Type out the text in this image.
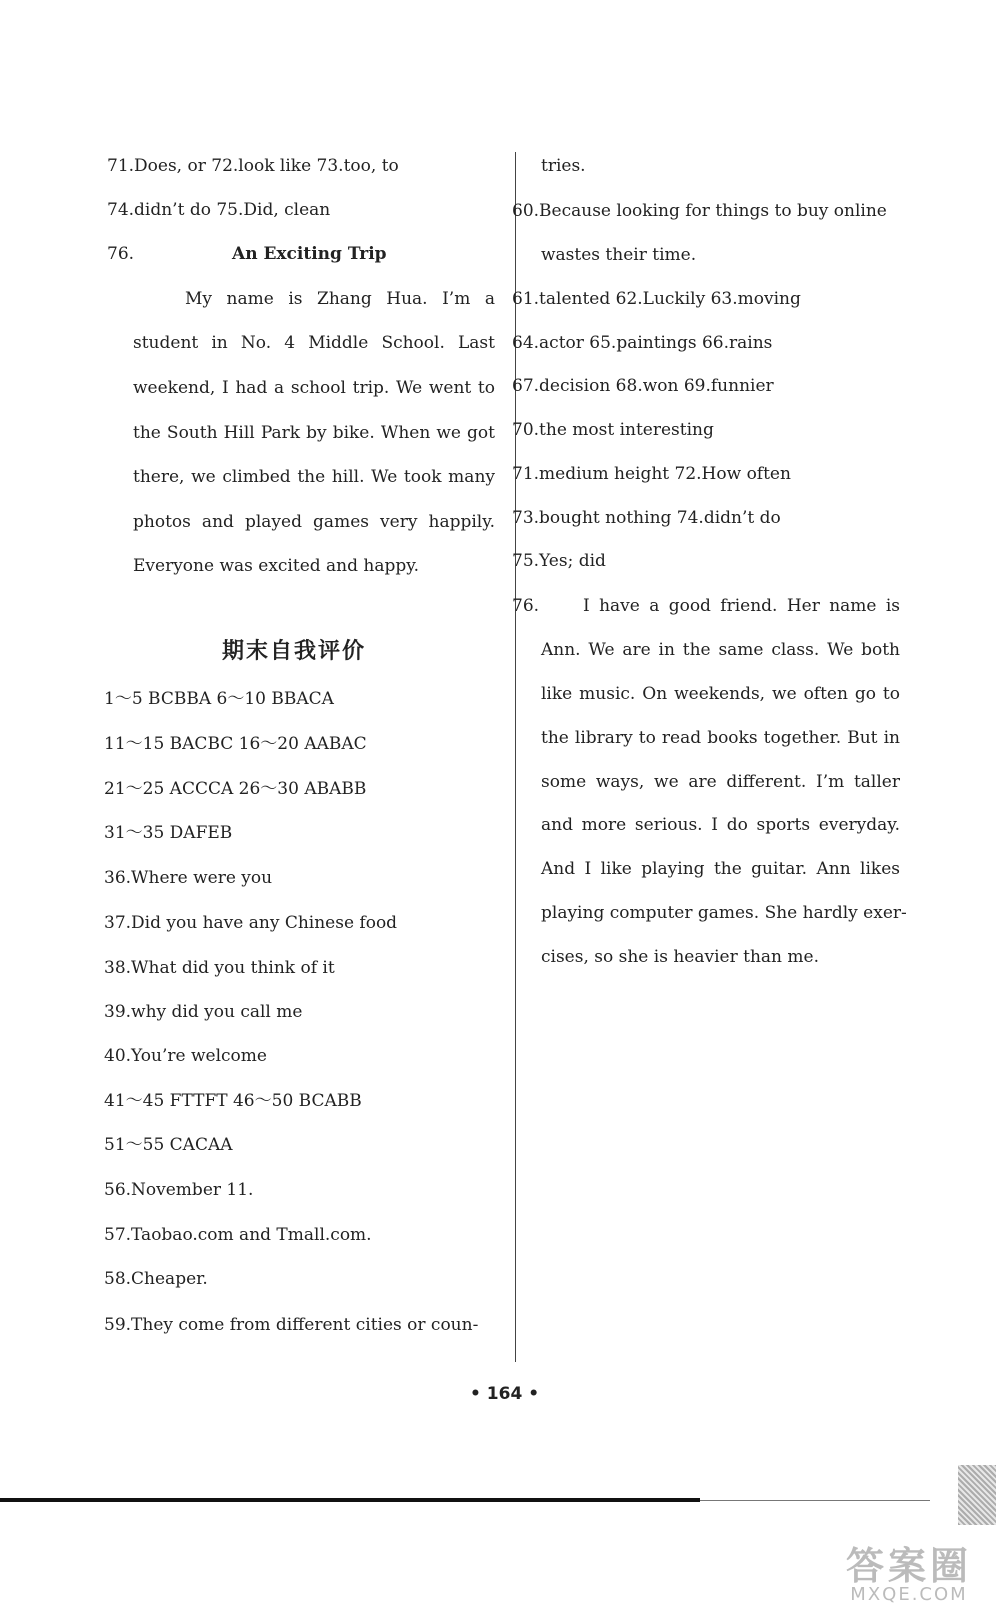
71.Does, or 72.look like 73.too, to
74.didn’t do 75.Did, clean
76.	An Exciting Trip
My name is Zhang Hua. I’m a
student in No. 4 Middle School. Last
weekend, I had a school trip. We went to
the South Hill Park by bike. When we got
there, we climbed the hill. We took many
photos and played games very happily.
Everyone was excited and happy.
期末自我评价
1～5 BCBBA 6～10 BBACA
11～15 BACBC 16～20 AABAC
21～25 ACCCA 26～30 ABABB
31～35 DAFEB
36.Where were you
37.Did you have any Chinese food
38.What did you think of it
39.why did you call me
40.You’re welcome
41～45 FTTFT 46～50 BCABB
51～55 CACAA
56.November 11.
57.Taobao.com and Tmall.com.
58.Cheaper.
59.They come from different cities or coun-
tries.
60.Because looking for things to buy online
wastes their time.
61.talented 62.Luckily 63.moving
64.actor 65.paintings 66.rains
67.decision 68.won 69.funnier
70.the most interesting
71.medium height 72.How often
73.bought nothing 74.didn’t do
75.Yes; did
76.	I have a good friend. Her name is
Ann. We are in the same class. We both
like music. On weekends, we often go to
the library to read books together. But in
some ways, we are different. I’m taller
and more serious. I do sports everyday.
And I like playing the guitar. Ann likes
playing computer games. She hardly exer-
cises, so she is heavier than me.
• 164 •
答案圈
MXQE.COM
